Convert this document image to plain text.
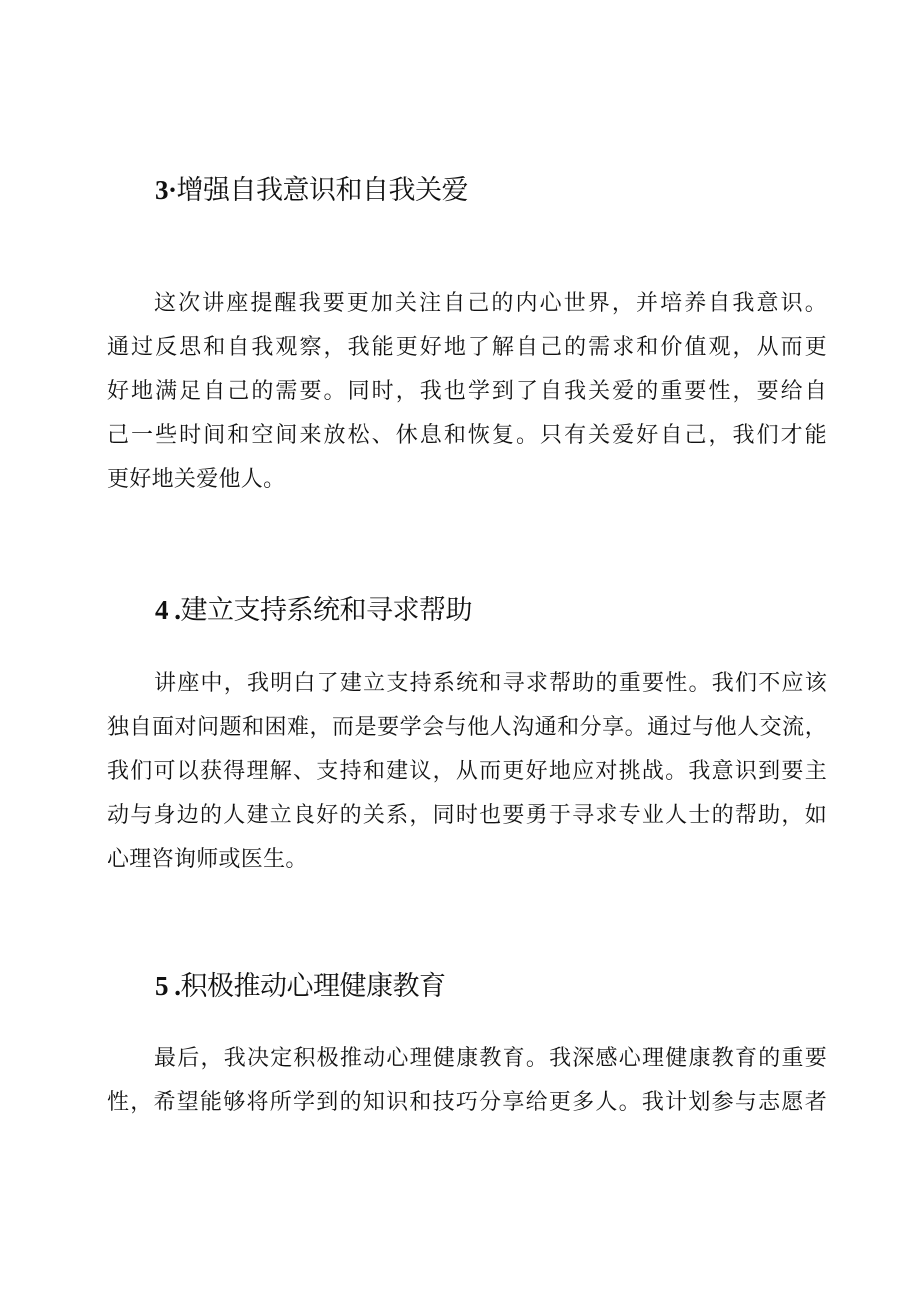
3·增强自我意识和自我关爱
这次讲座提醒我要更加关注自己的内心世界，并培养自我意识。
通过反思和自我观察，我能更好地了解自己的需求和价值观，从而更
好地满足自己的需要。同时，我也学到了自我关爱的重要性，要给自
己一些时间和空间来放松、休息和恢复。只有关爱好自己，我们才能
更好地关爱他人。
4 .建立支持系统和寻求帮助
讲座中，我明白了建立支持系统和寻求帮助的重要性。我们不应该
独自面对问题和困难，而是要学会与他人沟通和分享。通过与他人交流，
我们可以获得理解、支持和建议，从而更好地应对挑战。我意识到要主
动与身边的人建立良好的关系，同时也要勇于寻求专业人士的帮助，如
心理咨询师或医生。
5 .积极推动心理健康教育
最后，我决定积极推动心理健康教育。我深感心理健康教育的重要
性，希望能够将所学到的知识和技巧分享给更多人。我计划参与志愿者
